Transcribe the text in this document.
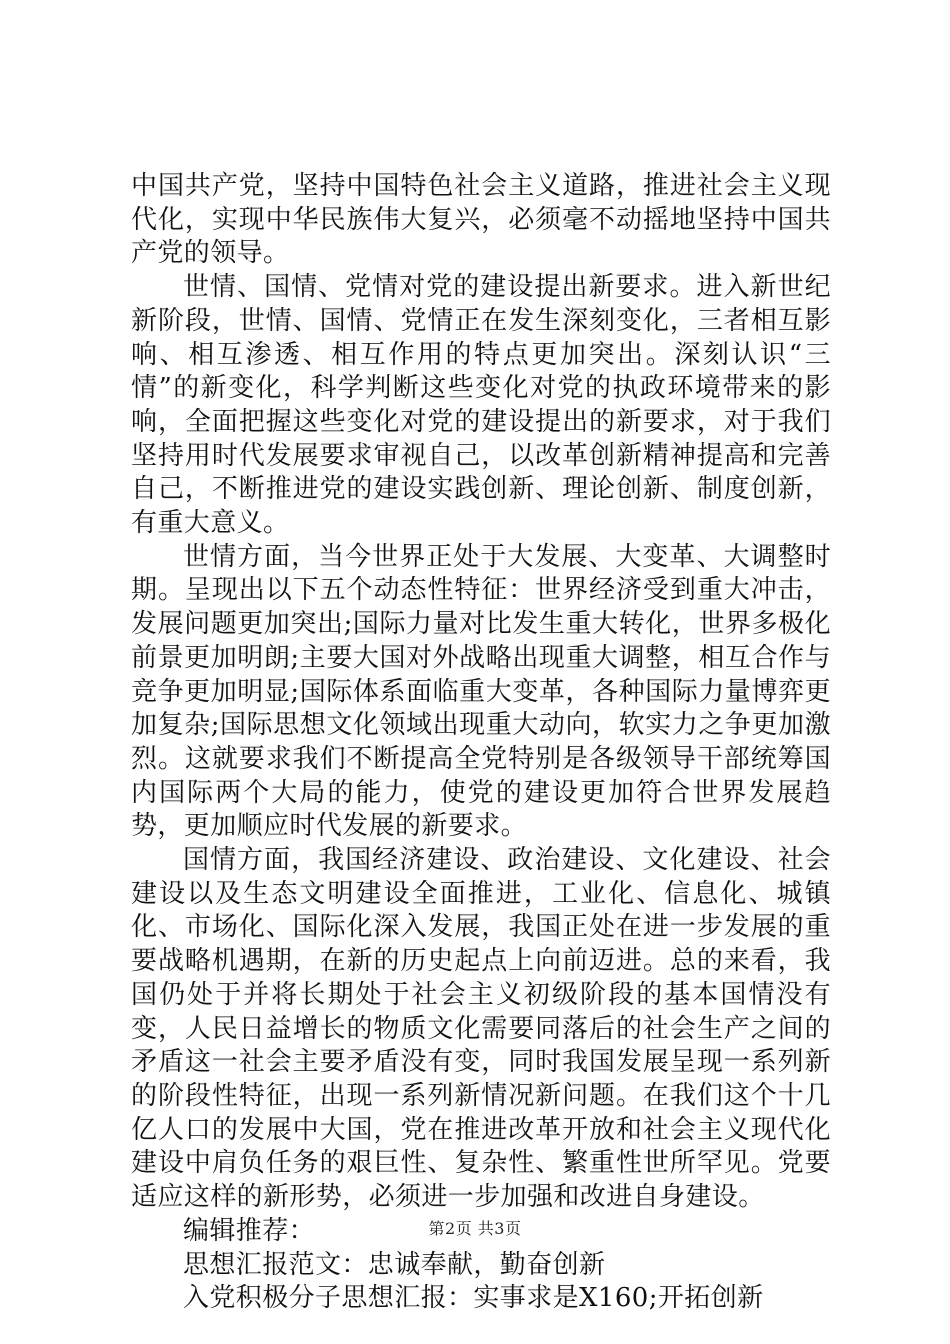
中国共产党，坚持中国特色社会主义道路，推进社会主义现代化，实现中华民族伟大复兴，必须毫不动摇地坚持中国共产党的领导。

世情、国情、党情对党的建设提出新要求。进入新世纪新阶段，世情、国情、党情正在发生深刻变化，三者相互影响、相互渗透、相互作用的特点更加突出。深刻认识“三情”的新变化，科学判断这些变化对党的执政环境带来的影响，全面把握这些变化对党的建设提出的新要求，对于我们坚持用时代发展要求审视自己，以改革创新精神提高和完善自己，不断推进党的建设实践创新、理论创新、制度创新，有重大意义。

世情方面，当今世界正处于大发展、大变革、大调整时期。呈现出以下五个动态性特征：世界经济受到重大冲击，发展问题更加突出;国际力量对比发生重大转化，世界多极化前景更加明朗;主要大国对外战略出现重大调整，相互合作与竞争更加明显;国际体系面临重大变革，各种国际力量博弈更加复杂;国际思想文化领域出现重大动向，软实力之争更加激烈。这就要求我们不断提高全党特别是各级领导干部统筹国内国际两个大局的能力，使党的建设更加符合世界发展趋势，更加顺应时代发展的新要求。

国情方面，我国经济建设、政治建设、文化建设、社会建设以及生态文明建设全面推进，工业化、信息化、城镇化、市场化、国际化深入发展，我国正处在进一步发展的重要战略机遇期，在新的历史起点上向前迈进。总的来看，我国仍处于并将长期处于社会主义初级阶段的基本国情没有变，人民日益增长的物质文化需要同落后的社会生产之间的矛盾这一社会主要矛盾没有变，同时我国发展呈现一系列新的阶段性特征，出现一系列新情况新问题。在我们这个十几亿人口的发展中大国，党在推进改革开放和社会主义现代化建设中肩负任务的艰巨性、复杂性、繁重性世所罕见。党要适应这样的新形势，必须进一步加强和改进自身建设。

编辑推荐：

思想汇报范文：忠诚奉献，勤奋创新

入党积极分子思想汇报：实事求是X160;开拓创新

第2页 共3页
